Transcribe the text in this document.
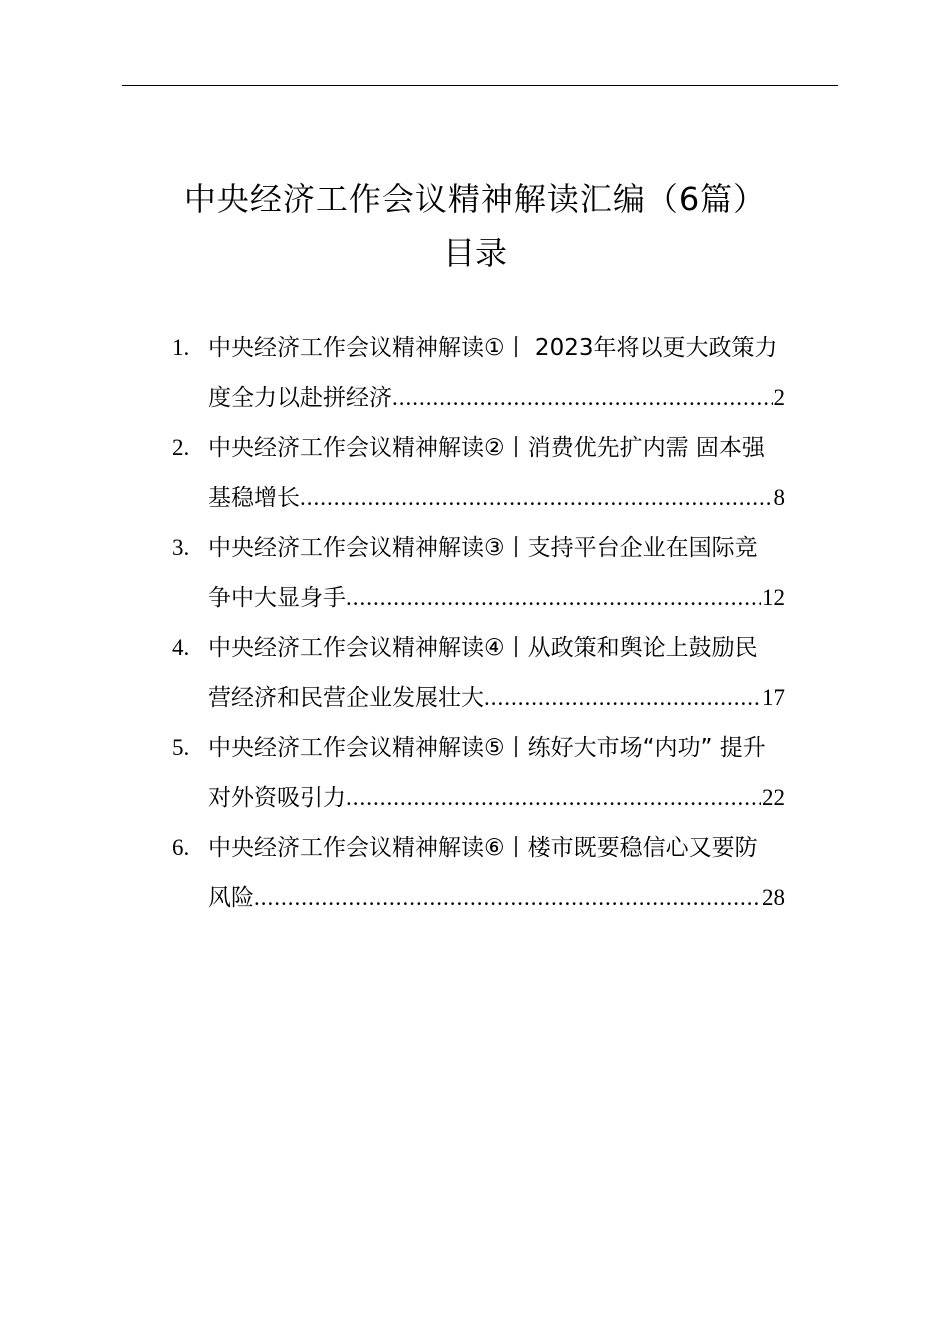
中央经济工作会议精神解读汇编（6篇）
目录
1. 中央经济工作会议精神解读①丨 2023年将以更大政策力
度全力以赴拼经济 .....	2
2. 中央经济工作会议精神解读②丨消费优先扩内需 固本强
基稳增长 .....	8
3. 中央经济工作会议精神解读③丨支持平台企业在国际竞
争中大显身手 .....	12
4. 中央经济工作会议精神解读④丨从政策和舆论上鼓励民
营经济和民营企业发展壮大 .....	17
5. 中央经济工作会议精神解读⑤丨练好大市场“内功” 提升
对外资吸引力 .....	22
6. 中央经济工作会议精神解读⑥丨楼市既要稳信心又要防
风险 .....	28
